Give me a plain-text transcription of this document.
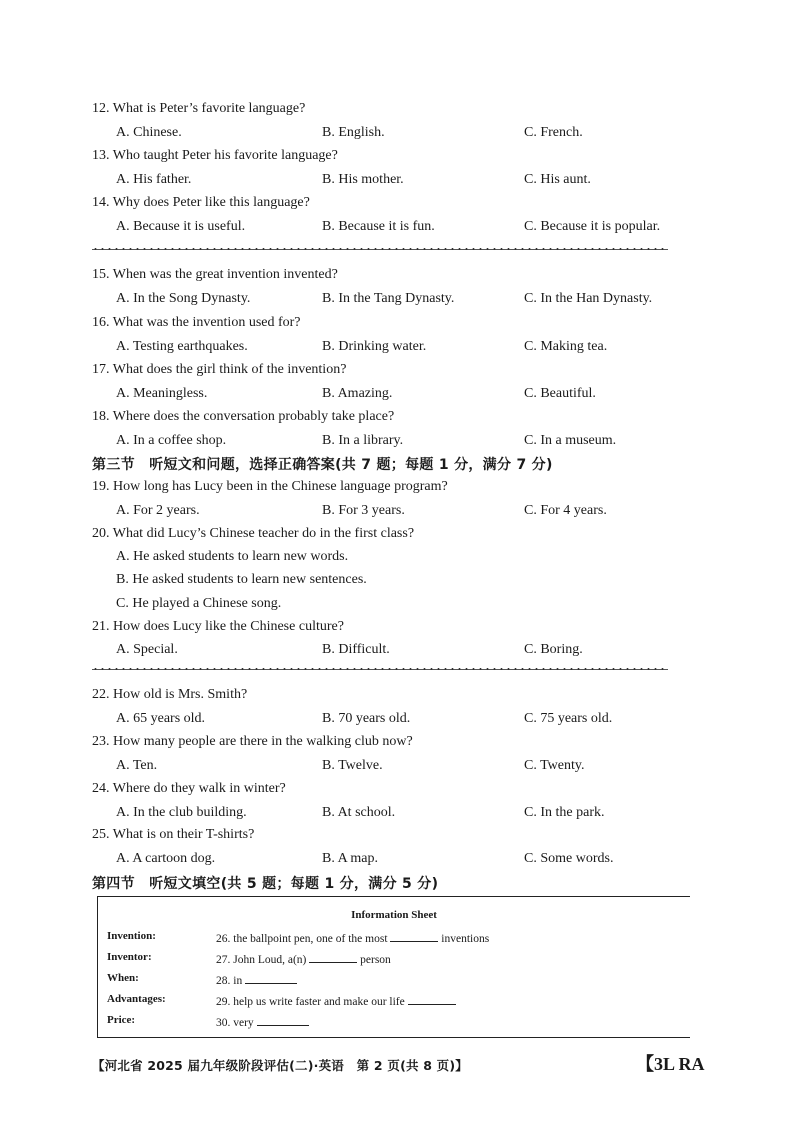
12. What is Peter’s favorite language?
A. Chinese.	B. English.	C. French.
13. Who taught Peter his favorite language?
A. His father.	B. His mother.	C. His aunt.
14. Why does Peter like this language?
A. Because it is useful.	B. Because it is fun.	C. Because it is popular.
15. When was the great invention invented?
A. In the Song Dynasty.	B. In the Tang Dynasty.	C. In the Han Dynasty.
16. What was the invention used for?
A. Testing earthquakes.	B. Drinking water.	C. Making tea.
17. What does the girl think of the invention?
A. Meaningless.	B. Amazing.	C. Beautiful.
18. Where does the conversation probably take place?
A. In a coffee shop.	B. In a library.	C. In a museum.
第三节　听短文和问题，选择正确答案(共 7 题；每题 1 分，满分 7 分)
19. How long has Lucy been in the Chinese language program?
A. For 2 years.	B. For 3 years.	C. For 4 years.
20. What did Lucy’s Chinese teacher do in the first class?
A. He asked students to learn new words.
B. He asked students to learn new sentences.
C. He played a Chinese song.
21. How does Lucy like the Chinese culture?
A. Special.	B. Difficult.	C. Boring.
22. How old is Mrs. Smith?
A. 65 years old.	B. 70 years old.	C. 75 years old.
23. How many people are there in the walking club now?
A. Ten.	B. Twelve.	C. Twenty.
24. Where do they walk in winter?
A. In the club building.	B. At school.	C. In the park.
25. What is on their T-shirts?
A. A cartoon dog.	B. A map.	C. Some words.
第四节　听短文填空(共 5 题；每题 1 分，满分 5 分)
Information Sheet
Invention:	26. the ballpoint pen, one of the most	inventions
Inventor:	27. John Loud, a(n)	person
When:	28. in
Advantages:	29. help us write faster and make our life
Price:	30. very
【河北省 2025 届九年级阶段评估(二)·英语　第 2 页(共 8 页)】	【3L RA
